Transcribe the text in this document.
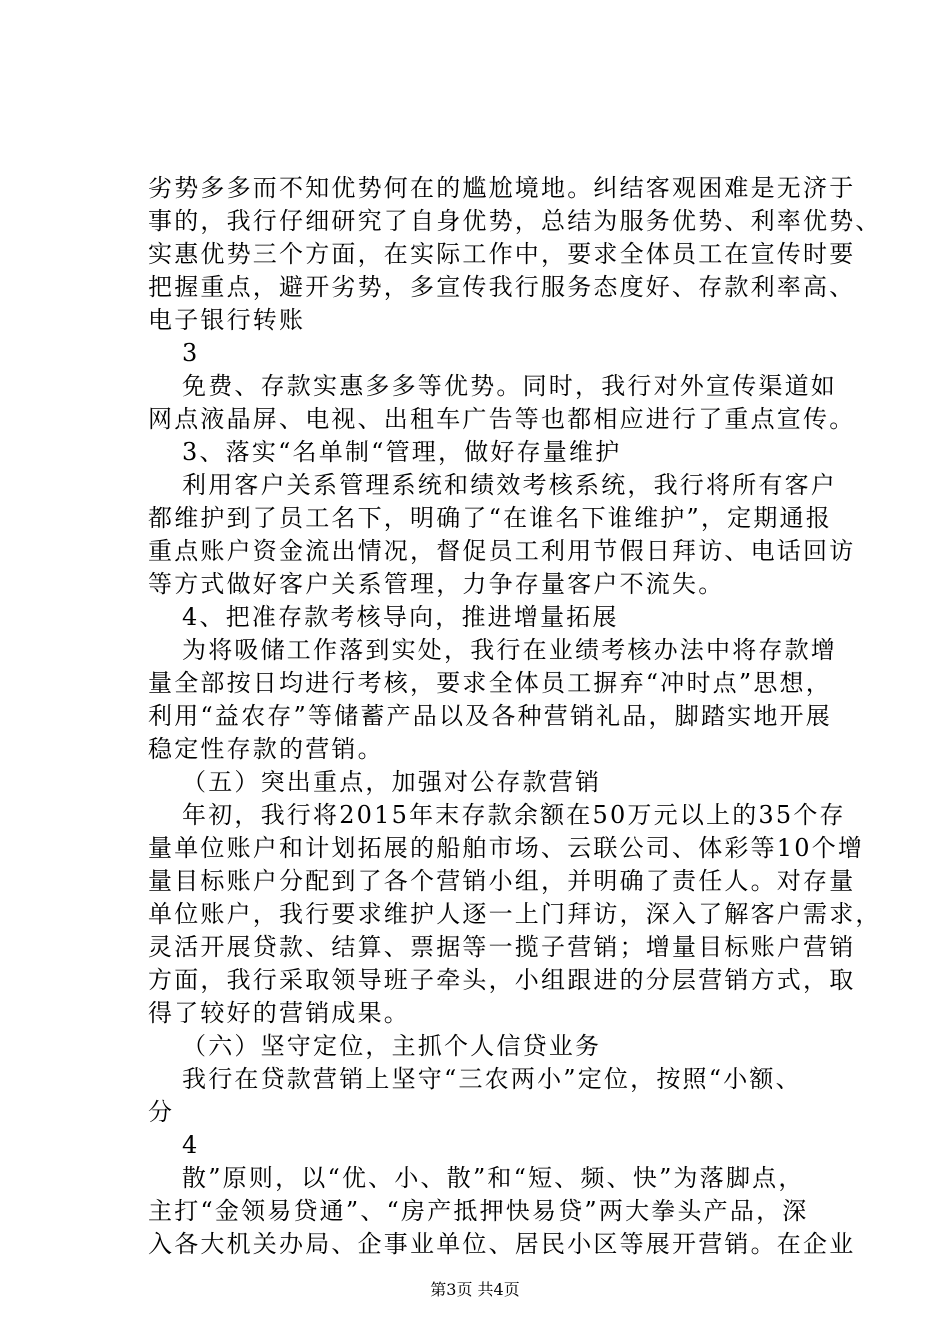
劣势多多而不知优势何在的尴尬境地。纠结客观困难是无济于

事的，我行仔细研究了自身优势，总结为服务优势、利率优势、

实惠优势三个方面，在实际工作中，要求全体员工在宣传时要

把握重点，避开劣势，多宣传我行服务态度好、存款利率高、

电子银行转账

3

免费、存款实惠多多等优势。同时，我行对外宣传渠道如

网点液晶屏、电视、出租车广告等也都相应进行了重点宣传。

3、落实“名单制“管理，做好存量维护

利用客户关系管理系统和绩效考核系统，我行将所有客户

都维护到了员工名下，明确了“在谁名下谁维护”，定期通报

重点账户资金流出情况，督促员工利用节假日拜访、电话回访

等方式做好客户关系管理，力争存量客户不流失。

4、把准存款考核导向，推进增量拓展

为将吸储工作落到实处，我行在业绩考核办法中将存款增

量全部按日均进行考核，要求全体员工摒弃“冲时点”思想，

利用“益农存”等储蓄产品以及各种营销礼品，脚踏实地开展

稳定性存款的营销。

（五）突出重点，加强对公存款营销

年初，我行将2015年末存款余额在50万元以上的35个存

量单位账户和计划拓展的船舶市场、云联公司、体彩等10个增

量目标账户分配到了各个营销小组，并明确了责任人。对存量

单位账户，我行要求维护人逐一上门拜访，深入了解客户需求，

灵活开展贷款、结算、票据等一揽子营销；增量目标账户营销

方面，我行采取领导班子牵头，小组跟进的分层营销方式，取

得了较好的营销成果。

（六）坚守定位，主抓个人信贷业务

我行在贷款营销上坚守“三农两小”定位，按照“小额、

分

4

散”原则，以“优、小、散”和“短、频、快”为落脚点，

主打“金领易贷通”、“房产抵押快易贷”两大拳头产品，深

入各大机关办局、企事业单位、居民小区等展开营销。在企业

第3页 共4页
